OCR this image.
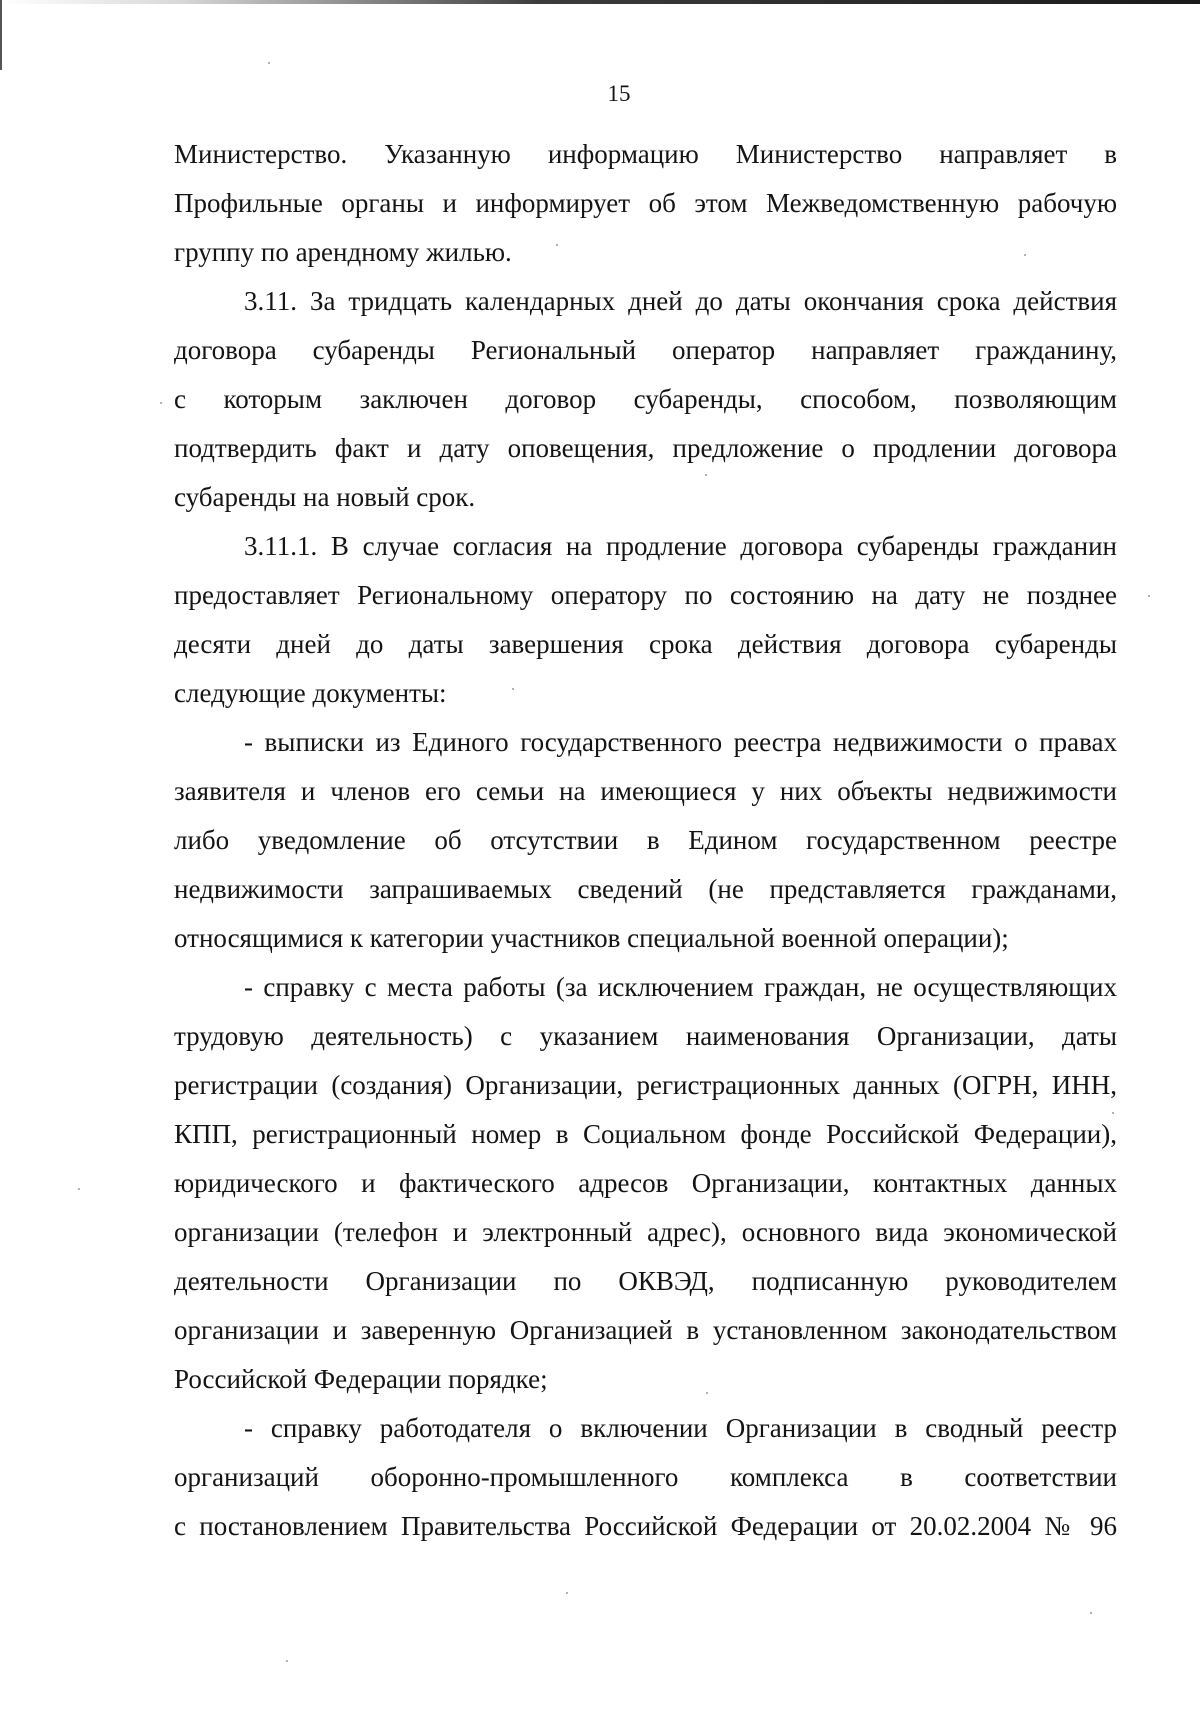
15

Министерство. Указанную информацию Министерство направляет в
Профильные органы и информирует об этом Межведомственную рабочую
группу по арендному жилью.

3.11. За тридцать календарных дней до даты окончания срока действия
договора субаренды Региональный оператор направляет гражданину,
с которым заключен договор субаренды, способом, позволяющим
подтвердить факт и дату оповещения, предложение о продлении договора
субаренды на новый срок.

3.11.1. В случае согласия на продление договора субаренды гражданин
предоставляет Региональному оператору по состоянию на дату не позднее
десяти дней до даты завершения срока действия договора субаренды
следующие документы:

- выписки из Единого государственного реестра недвижимости о правах
заявителя и членов его семьи на имеющиеся у них объекты недвижимости
либо уведомление об отсутствии в Едином государственном реестре
недвижимости запрашиваемых сведений (не представляется гражданами,
относящимися к категории участников специальной военной операции);

- справку с места работы (за исключением граждан, не осуществляющих
трудовую деятельность) с указанием наименования Организации, даты
регистрации (создания) Организации, регистрационных данных (ОГРН, ИНН,
КПП, регистрационный номер в Социальном фонде Российской Федерации),
юридического и фактического адресов Организации, контактных данных
организации (телефон и электронный адрес), основного вида экономической
деятельности Организации по ОКВЭД, подписанную руководителем
организации и заверенную Организацией в установленном законодательством
Российской Федерации порядке;

- справку работодателя о включении Организации в сводный реестр
организаций оборонно-промышленного комплекса в соответствии
с постановлением Правительства Российской Федерации от 20.02.2004 № 96
